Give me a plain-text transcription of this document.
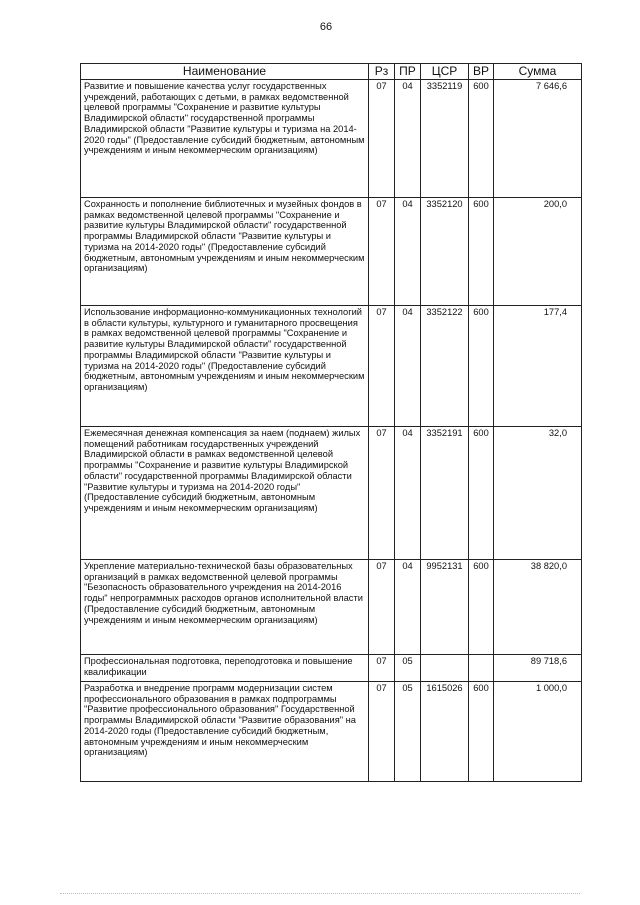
66
Наименование	Рз	ПР	ЦСР	ВР	Сумма
Развитие и повышение качества услуг государственных учреждений, работающих с детьми, в рамках ведомственной целевой программы "Сохранение и развитие культуры Владимирской области" государственной программы Владимирской области "Развитие культуры и туризма на 2014-2020 годы" (Предоставление субсидий бюджетным, автономным учреждениям и иным некоммерческим организациям)	07	04	3352119	600	7 646,6
Сохранность и пополнение библиотечных и музейных фондов в рамках ведомственной целевой программы "Сохранение и развитие культуры Владимирской области" государственной программы Владимирской области "Развитие культуры и туризма на 2014-2020 годы" (Предоставление субсидий бюджетным, автономным учреждениям и иным некоммерческим организациям)	07	04	3352120	600	200,0
Использование информационно-коммуникационных технологий в области культуры, культурного и гуманитарного просвещения в рамках ведомственной целевой программы "Сохранение и развитие культуры Владимирской области" государственной программы Владимирской области "Развитие культуры и туризма на 2014-2020 годы" (Предоставление субсидий бюджетным, автономным учреждениям и иным некоммерческим организациям)	07	04	3352122	600	177,4
Ежемесячная денежная компенсация за наем (поднаем) жилых помещений работникам государственных учреждений Владимирской области в рамках ведомственной целевой программы "Сохранение и развитие культуры Владимирской области" государственной программы Владимирской области "Развитие культуры и туризма на 2014-2020 годы" (Предоставление субсидий бюджетным, автономным учреждениям и иным некоммерческим организациям)	07	04	3352191	600	32,0
Укрепление материально-технической базы образовательных организаций в рамках ведомственной целевой программы "Безопасность образовательного учреждения на 2014-2016 годы" непрограммных расходов органов исполнительной власти (Предоставление субсидий бюджетным, автономным учреждениям и иным некоммерческим организациям)	07	04	9952131	600	38 820,0
Профессиональная подготовка, переподготовка и повышение квалификации	07	05			89 718,6
Разработка и внедрение программ модернизации систем профессионального образования в рамках подпрограммы "Развитие профессионального образования" Государственной программы Владимирской области "Развитие образования" на 2014-2020 годы (Предоставление субсидий бюджетным, автономным учреждениям и иным некоммерческим организациям)	07	05	1615026	600	1 000,0
